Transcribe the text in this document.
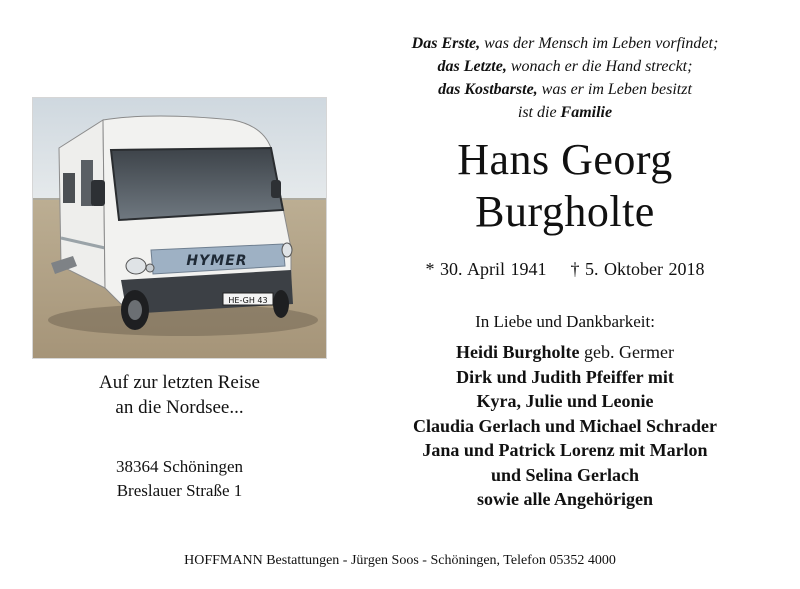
Das Erste, was der Mensch im Leben vorfindet;
das Letzte, wonach er die Hand streckt;
das Kostbarste, was er im Leben besitzt
ist die Familie
HYMER
HE-GH 43
Auf zur letzten Reise
an die Nordsee...
38364 Schöningen
Breslauer Straße 1
Hans Georg
Burgholte
* 30. April 1941 † 5. Oktober 2018
In Liebe und Dankbarkeit:
Heidi Burgholte geb. Germer
Dirk und Judith Pfeiffer mit
Kyra, Julie und Leonie
Claudia Gerlach und Michael Schrader
Jana und Patrick Lorenz mit Marlon
und Selina Gerlach
sowie alle Angehörigen
HOFFMANN Bestattungen - Jürgen Soos - Schöningen, Telefon 05352 4000
